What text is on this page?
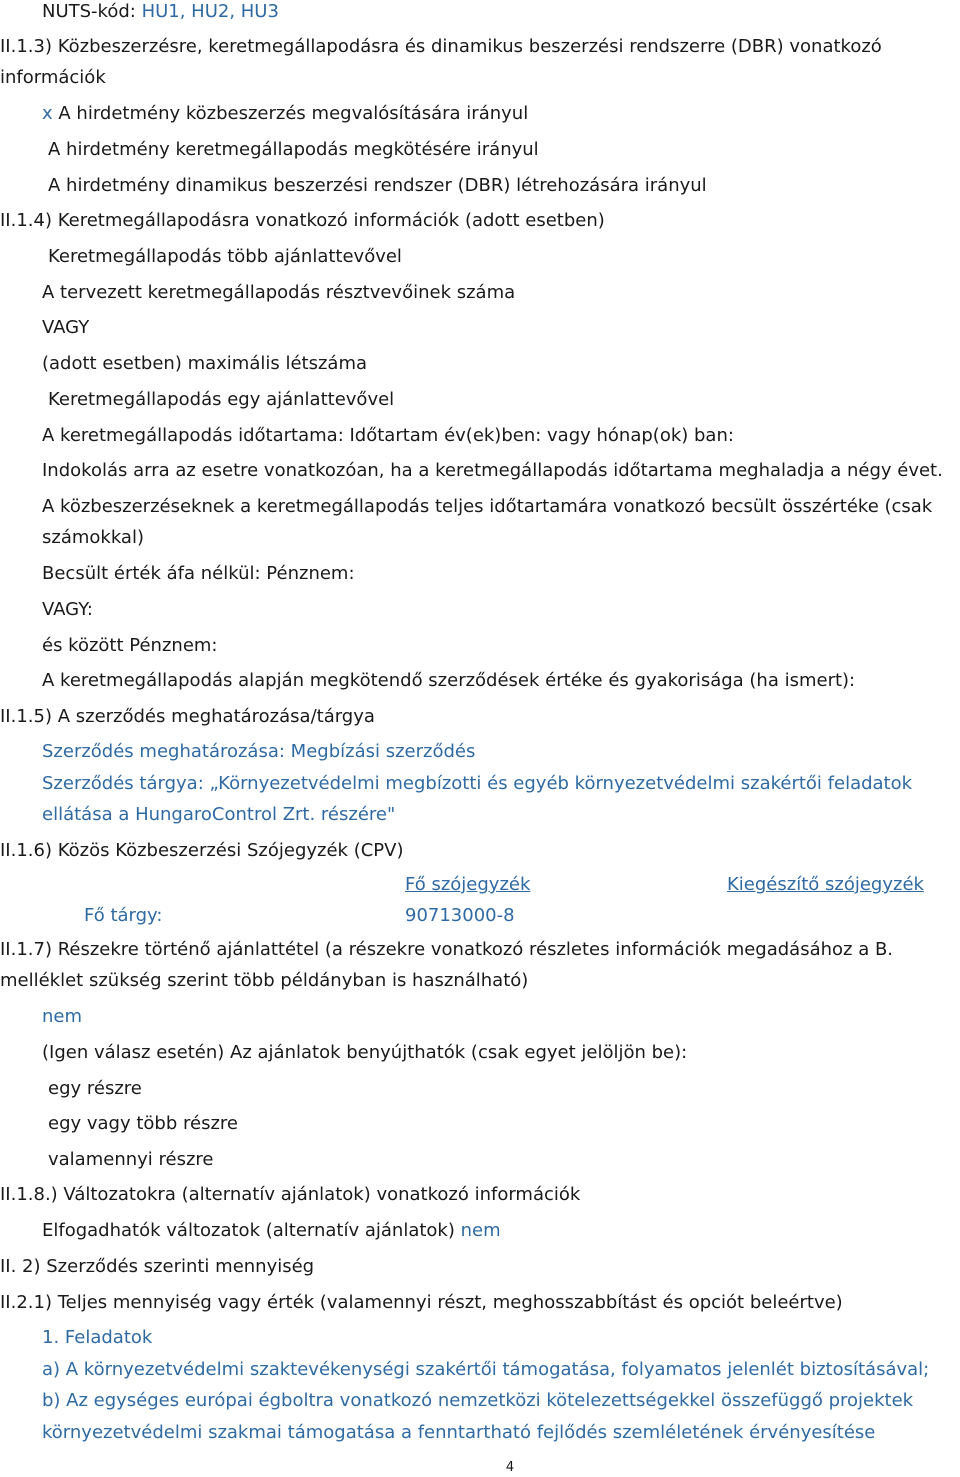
NUTS-kód: HU1, HU2, HU3
II.1.3) Közbeszerzésre, keretmegállapodásra és dinamikus beszerzési rendszerre (DBR) vonatkozó
információk
x A hirdetmény közbeszerzés megvalósítására irányul
A hirdetmény keretmegállapodás megkötésére irányul
A hirdetmény dinamikus beszerzési rendszer (DBR) létrehozására irányul
II.1.4) Keretmegállapodásra vonatkozó információk (adott esetben)
Keretmegállapodás több ajánlattevővel
A tervezett keretmegállapodás résztvevőinek száma
VAGY
(adott esetben) maximális létszáma
Keretmegállapodás egy ajánlattevővel
A keretmegállapodás időtartama: Időtartam év(ek)ben: vagy hónap(ok) ban:
Indokolás arra az esetre vonatkozóan, ha a keretmegállapodás időtartama meghaladja a négy évet.
A közbeszerzéseknek a keretmegállapodás teljes időtartamára vonatkozó becsült összértéke (csak
számokkal)
Becsült érték áfa nélkül: Pénznem:
VAGY:
és között Pénznem:
A keretmegállapodás alapján megkötendő szerződések értéke és gyakorisága (ha ismert):
II.1.5) A szerződés meghatározása/tárgya
Szerződés meghatározása: Megbízási szerződés
Szerződés tárgya: „Környezetvédelmi megbízotti és egyéb környezetvédelmi szakértői feladatok
ellátása a HungaroControl Zrt. részére"
II.1.6) Közös Közbeszerzési Szójegyzék (CPV)
Fő szójegyzék	Kiegészítő szójegyzék
Fő tárgy:	90713000-8
II.1.7) Részekre történő ajánlattétel (a részekre vonatkozó részletes információk megadásához a B.
melléklet szükség szerint több példányban is használható)
nem
(Igen válasz esetén) Az ajánlatok benyújthatók (csak egyet jelöljön be):
egy részre
egy vagy több részre
valamennyi részre
II.1.8.) Változatokra (alternatív ajánlatok) vonatkozó információk
Elfogadhatók változatok (alternatív ajánlatok) nem
II. 2) Szerződés szerinti mennyiség
II.2.1) Teljes mennyiség vagy érték (valamennyi részt, meghosszabbítást és opciót beleértve)
1. Feladatok
a) A környezetvédelmi szaktevékenységi szakértői támogatása, folyamatos jelenlét biztosításával;
b) Az egységes európai égboltra vonatkozó nemzetközi kötelezettségekkel összefüggő projektek
környezetvédelmi szakmai támogatása a fenntartható fejlődés szemléletének érvényesítése
4
